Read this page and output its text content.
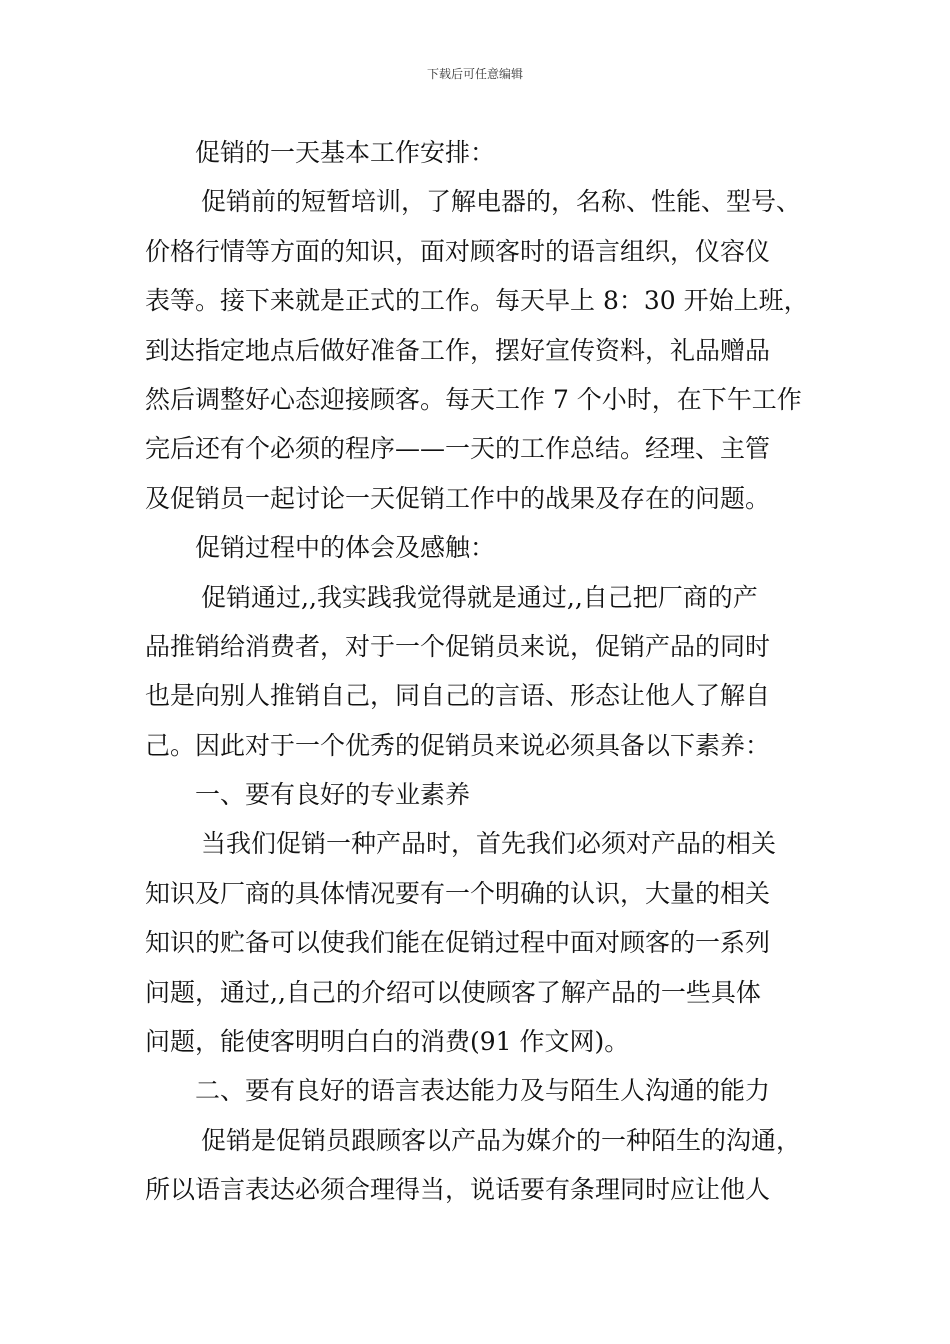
下载后可任意编辑
促销的一天基本工作安排：
促销前的短暂培训，了解电器的，名称、性能、型号、
价格行情等方面的知识，面对顾客时的语言组织，仪容仪
表等。接下来就是正式的工作。每天早上 8：30 开始上班，
到达指定地点后做好准备工作，摆好宣传资料，礼品赠品
然后调整好心态迎接顾客。每天工作 7 个小时，在下午工作
完后还有个必须的程序——一天的工作总结。经理、主管
及促销员一起讨论一天促销工作中的战果及存在的问题。
促销过程中的体会及感触：
促销通过,,我实践我觉得就是通过,,自己把厂商的产
品推销给消费者，对于一个促销员来说，促销产品的同时
也是向别人推销自己，同自己的言语、形态让他人了解自
己。因此对于一个优秀的促销员来说必须具备以下素养：
一、要有良好的专业素养
当我们促销一种产品时，首先我们必须对产品的相关
知识及厂商的具体情况要有一个明确的认识，大量的相关
知识的贮备可以使我们能在促销过程中面对顾客的一系列
问题，通过,,自己的介绍可以使顾客了解产品的一些具体
问题，能使客明明白白的消费(91 作文网)。
二、要有良好的语言表达能力及与陌生人沟通的能力
促销是促销员跟顾客以产品为媒介的一种陌生的沟通，
所以语言表达必须合理得当，说话要有条理同时应让他人
